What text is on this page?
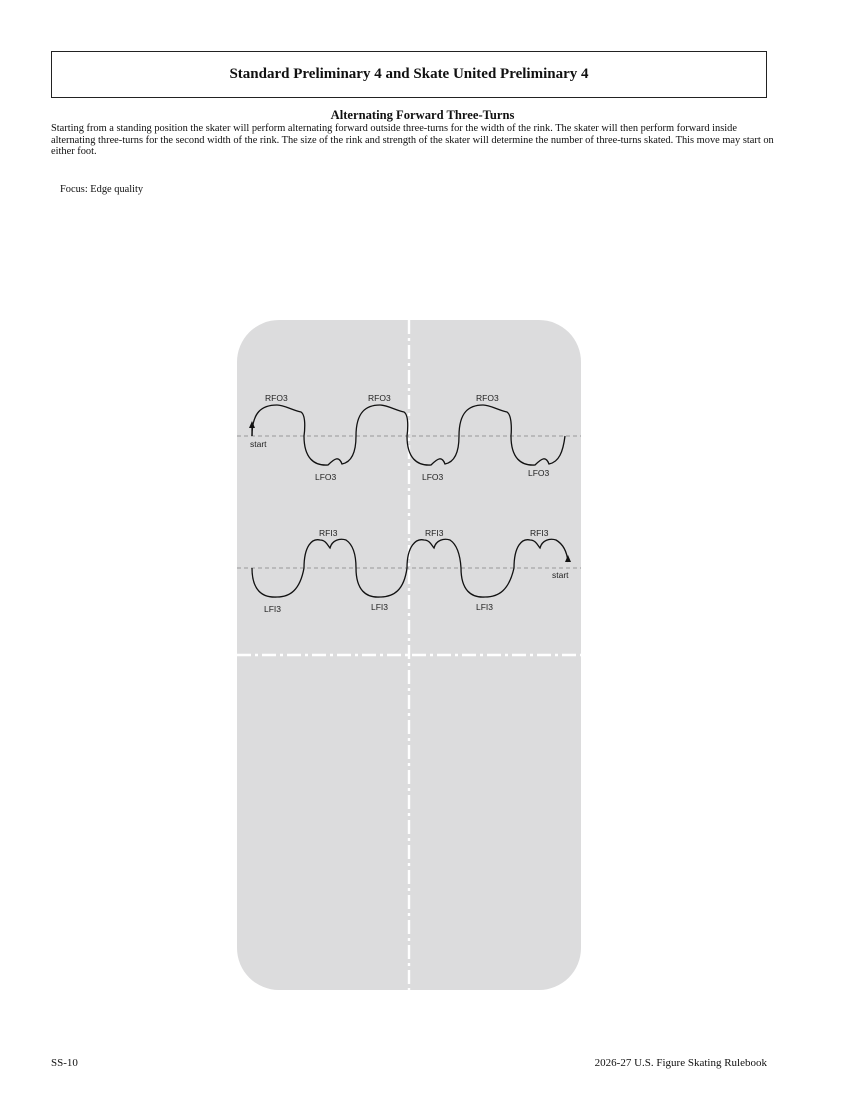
Standard Preliminary 4 and Skate United Preliminary 4
Alternating Forward Three-Turns
Starting from a standing position the skater will perform alternating forward outside three-turns for the width of the rink. The skater will then perform forward inside alternating three-turns for the second width of the rink. The size of the rink and strength of the skater will determine the number of three-turns skated. This move may start on either foot.
Focus: Edge quality
RFO3	RFO3	RFO3
LFO3	LFO3	LFO3
start
RFI3	RFI3	RFI3
LFI3	LFI3	LFI3
start
SS-10	2026-27 U.S. Figure Skating Rulebook
